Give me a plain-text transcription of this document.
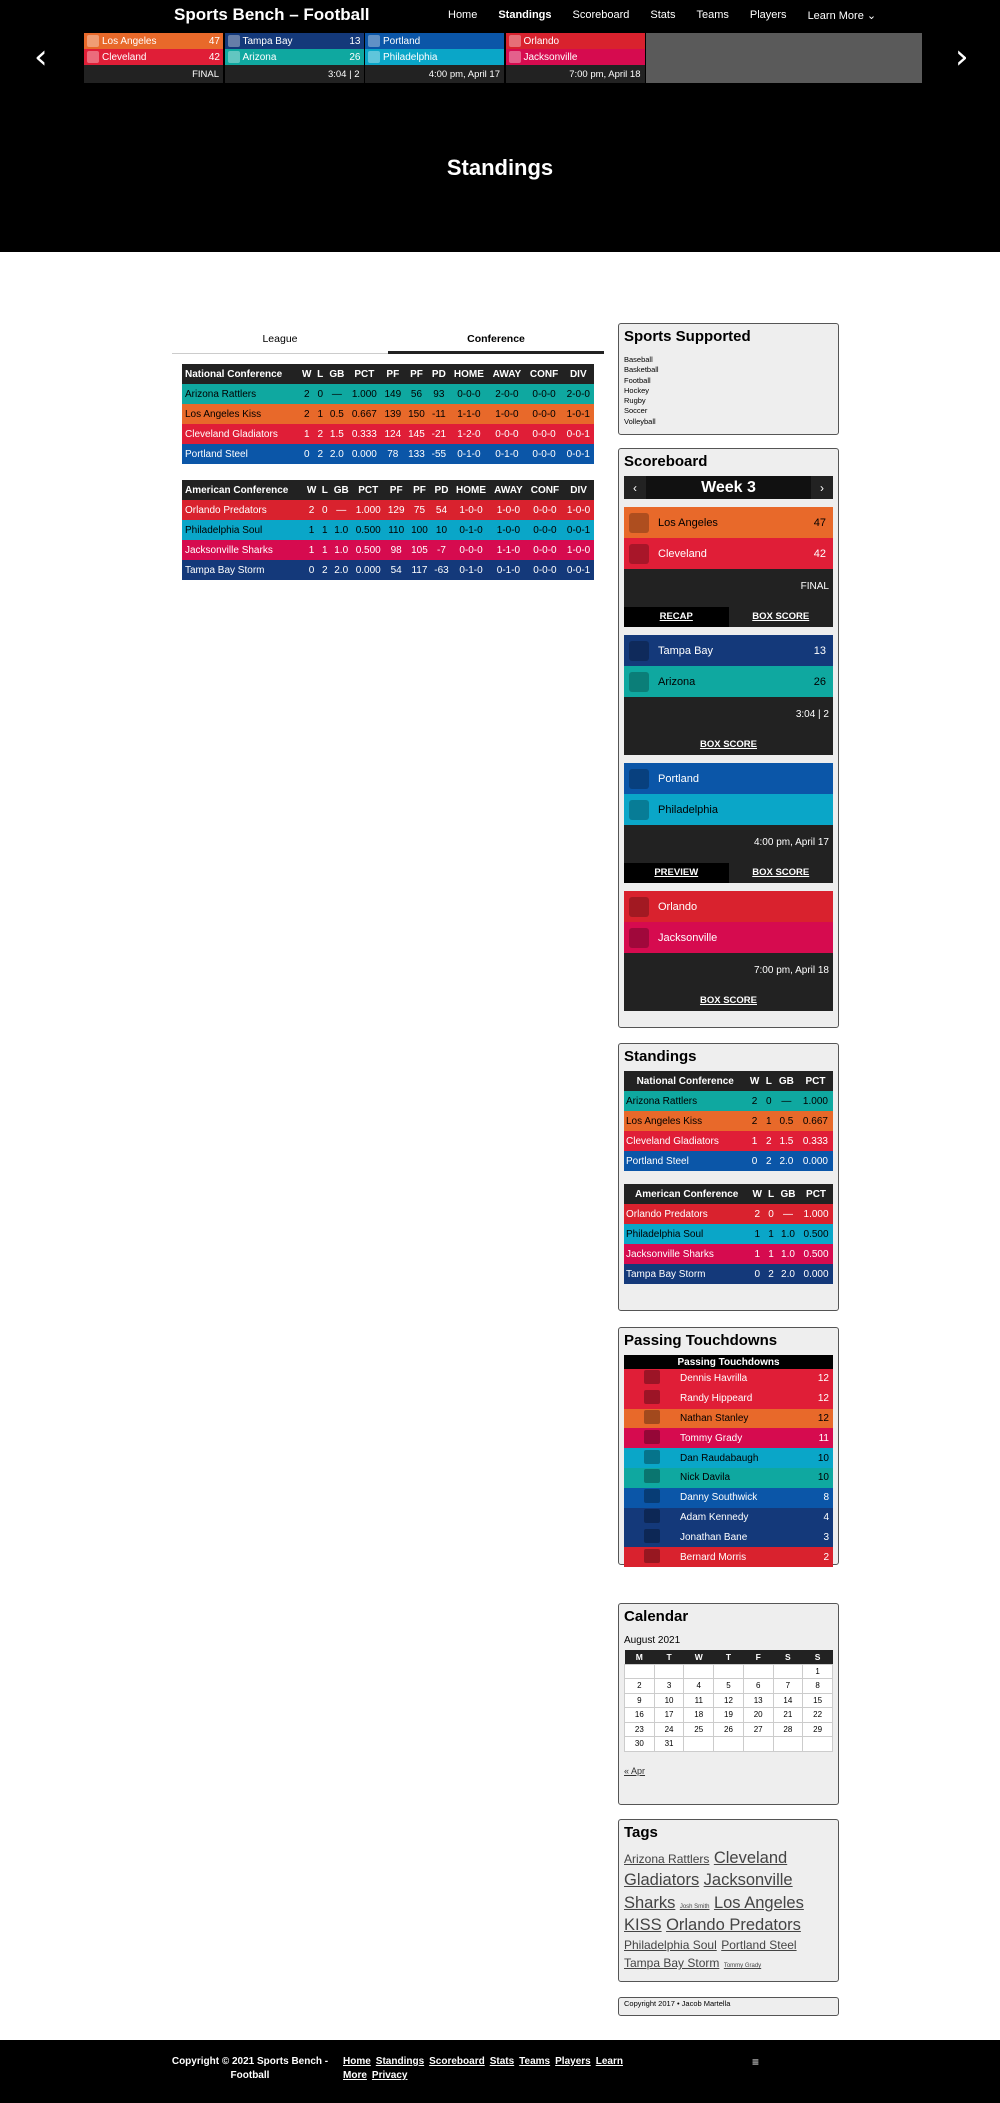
Sports Bench – Football	Home Standings Scoreboard Stats Teams Players Learn More ⌄
‹	›
Los Angeles	47
Cleveland	42
FINAL
Tampa Bay	13
Arizona	26
3:04 | 2
Portland
Philadelphia
4:00 pm, April 17
Orlando
Jacksonville
7:00 pm, April 18
Standings
League	Conference
National Conference	W	L	GB	PCT	PF	PF	PD	HOME	AWAY	CONF	DIV
Arizona Rattlers	2	0	—	1.000	149	56	93	0-0-0	2-0-0	0-0-0	2-0-0
Los Angeles Kiss	2	1	0.5	0.667	139	150	-11	1-1-0	1-0-0	0-0-0	1-0-1
Cleveland Gladiators	1	2	1.5	0.333	124	145	-21	1-2-0	0-0-0	0-0-0	0-0-1
Portland Steel	0	2	2.0	0.000	78	133	-55	0-1-0	0-1-0	0-0-0	0-0-1
American Conference	W	L	GB	PCT	PF	PF	PD	HOME	AWAY	CONF	DIV
Orlando Predators	2	0	—	1.000	129	75	54	1-0-0	1-0-0	0-0-0	1-0-0
Philadelphia Soul	1	1	1.0	0.500	110	100	10	0-1-0	1-0-0	0-0-0	0-0-1
Jacksonville Sharks	1	1	1.0	0.500	98	105	-7	0-0-0	1-1-0	0-0-0	1-0-0
Tampa Bay Storm	0	2	2.0	0.000	54	117	-63	0-1-0	0-1-0	0-0-0	0-0-1
Sports Supported
Baseball
Basketball
Football
Hockey
Rugby
Soccer
Volleyball
Scoreboard
‹	Week 3	›
Los Angeles	47
Cleveland	42
FINAL
RECAP	BOX SCORE
Tampa Bay	13
Arizona	26
3:04 | 2
BOX SCORE
Portland
Philadelphia
4:00 pm, April 17
PREVIEW	BOX SCORE
Orlando
Jacksonville
7:00 pm, April 18
BOX SCORE
Standings
National Conference	W	L	GB	PCT
Arizona Rattlers	2	0	—	1.000
Los Angeles Kiss	2	1	0.5	0.667
Cleveland Gladiators	1	2	1.5	0.333
Portland Steel	0	2	2.0	0.000
American Conference	W	L	GB	PCT
Orlando Predators	2	0	—	1.000
Philadelphia Soul	1	1	1.0	0.500
Jacksonville Sharks	1	1	1.0	0.500
Tampa Bay Storm	0	2	2.0	0.000
Passing Touchdowns
Passing Touchdowns		
	Dennis Havrilla	12
	Randy Hippeard	12
	Nathan Stanley	12
	Tommy Grady	11
	Dan Raudabaugh	10
	Nick Davila	10
	Danny Southwick	8
	Adam Kennedy	4
	Jonathan Bane	3
	Bernard Morris	2
Calendar
August 2021
M	T	W	T	F	S	S
						1
2	3	4	5	6	7	8
9	10	11	12	13	14	15
16	17	18	19	20	21	22
23	24	25	26	27	28	29
30	31					
« Apr
Tags
Arizona Rattlers Cleveland Gladiators Jacksonville Sharks Josh Smith Los Angeles KISS Orlando Predators Philadelphia Soul Portland Steel Tampa Bay Storm Tommy Grady
Copyright 2017 • Jacob Martella
Copyright © 2021 Sports Bench - Football
Home Standings Scoreboard Stats Teams Players Learn More Privacy
≡
